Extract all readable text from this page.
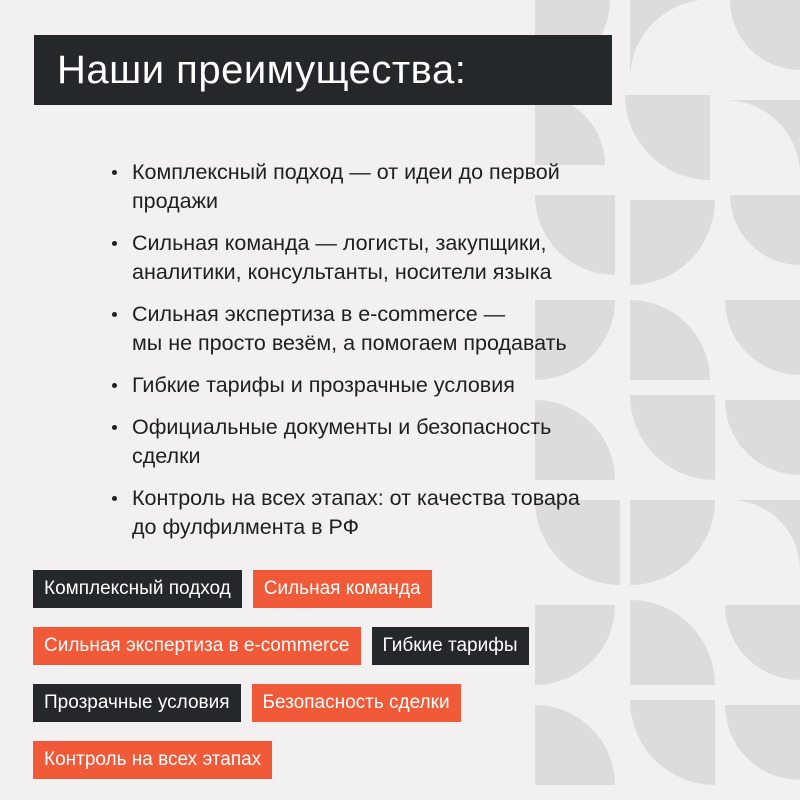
Наши преимущества:
Комплексный подход — от идеи до первой
продажи
Сильная команда — логисты, закупщики,
аналитики, консультанты, носители языка
Сильная экспертиза в e-commerce —
мы не просто везём, а помогаем продавать
Гибкие тарифы и прозрачные условия
Официальные документы и безопасность
сделки
Контроль на всех этапах: от качества товара
до фулфилмента в РФ
Комплексный подход	Сильная команда
Сильная экспертиза в e-commerce	Гибкие тарифы
Прозрачные условия	Безопасность сделки
Контроль на всех этапах
